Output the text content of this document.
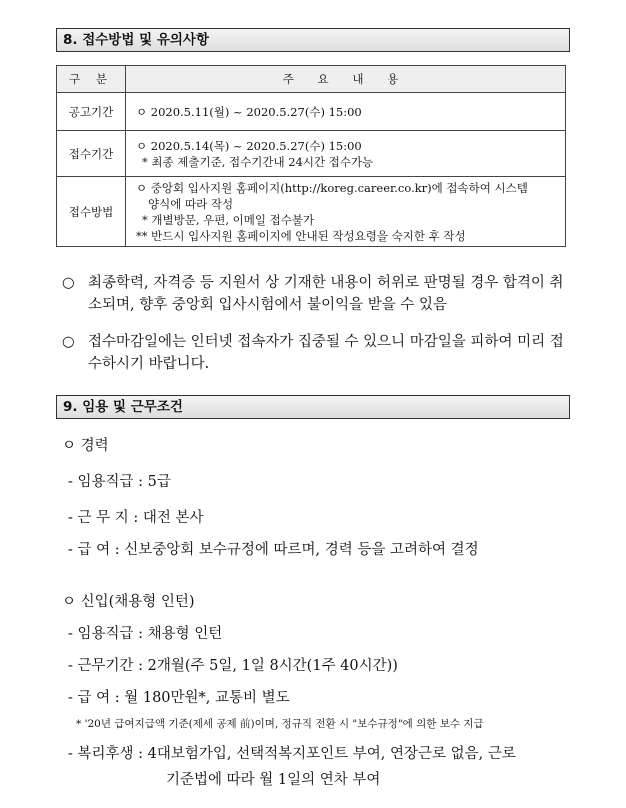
8. 접수방법 및 유의사항
구 분	주 요 내 용
공고기간	ㅇ 2020.5.11(월) ~ 2020.5.27(수) 15:00

접수기간	ㅇ 2020.5.14(목) ~ 2020.5.27(수) 15:00
* 최종 제출기준, 접수기간내 24시간 접수가능

접수방법	ㅇ 중앙회 입사지원 홈페이지(http://koreg.career.co.kr)에 접속하여 시스템
양식에 따라 작성
* 개별방문, 우편, 이메일 접수불가
** 반드시 입사지원 홈페이지에 안내된 작성요령을 숙지한 후 작성
○ 최종학력, 자격증 등 지원서 상 기재한 내용이 허위로 판명될 경우 합격이 취소되며, 향후 중앙회 입사시험에서 불이익을 받을 수 있음
○ 접수마감일에는 인터넷 접속자가 집중될 수 있으니 마감일을 피하여 미리 접수하시기 바랍니다.
9. 임용 및 근무조건
ㅇ 경력
- 임용직급 : 5급
- 근 무 지 : 대전 본사
- 급 여 : 신보중앙회 보수규정에 따르며, 경력 등을 고려하여 결정
ㅇ 신입(채용형 인턴)
- 임용직급 : 채용형 인턴
- 근무기간 : 2개월(주 5일, 1일 8시간(1주 40시간))
- 급 여 : 월 180만원*, 교통비 별도
* '20년 급여지급액 기준(제세 공제 前)이며, 정규직 전환 시 "보수규정"에 의한 보수 지급
- 복리후생 : 4대보험가입, 선택적복지포인트 부여, 연장근로 없음, 근로
기준법에 따라 월 1일의 연차 부여
